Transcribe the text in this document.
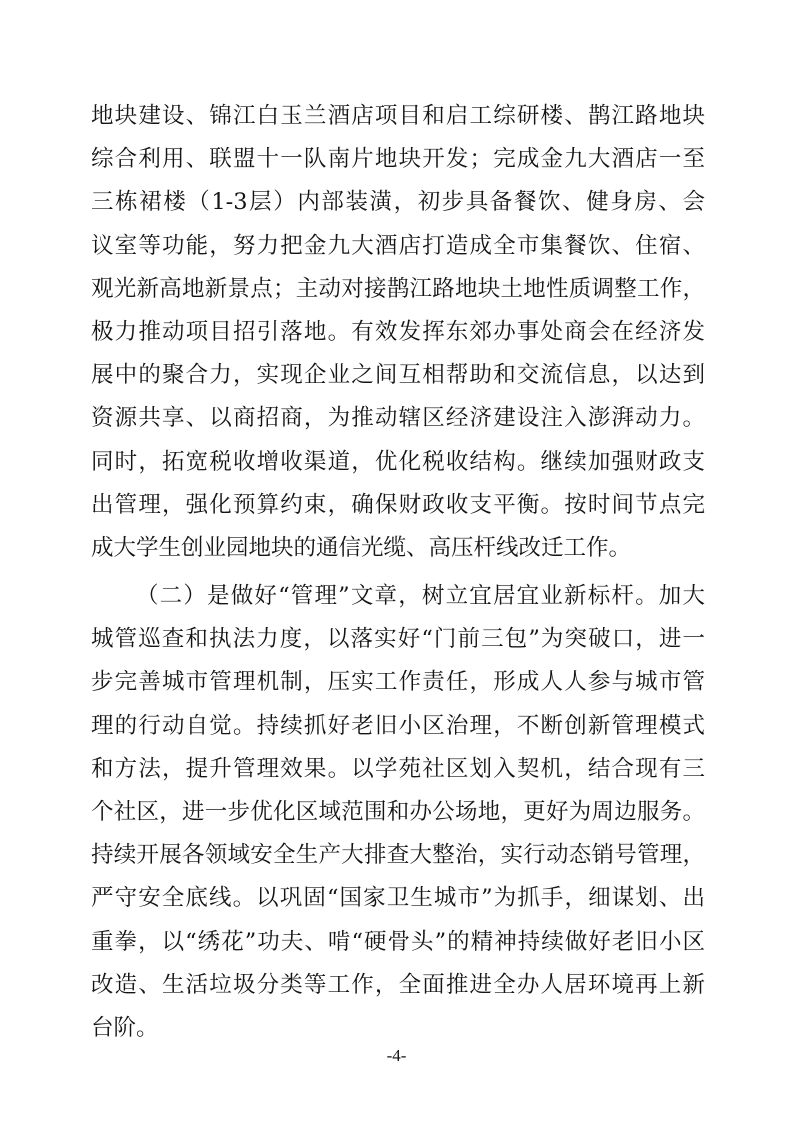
地块建设、锦江白玉兰酒店项目和启工综研楼、鹊江路地块
综合利用、联盟十一队南片地块开发；完成金九大酒店一至
三栋裙楼（1-3层）内部装潢，初步具备餐饮、健身房、会
议室等功能，努力把金九大酒店打造成全市集餐饮、住宿、
观光新高地新景点；主动对接鹊江路地块土地性质调整工作，
极力推动项目招引落地。有效发挥东郊办事处商会在经济发
展中的聚合力，实现企业之间互相帮助和交流信息，以达到
资源共享、以商招商，为推动辖区经济建设注入澎湃动力。
同时，拓宽税收增收渠道，优化税收结构。继续加强财政支
出管理，强化预算约束，确保财政收支平衡。按时间节点完
成大学生创业园地块的通信光缆、高压杆线改迁工作。
（二）是做好“管理”文章，树立宜居宜业新标杆。加大
城管巡查和执法力度，以落实好“门前三包”为突破口，进一
步完善城市管理机制，压实工作责任，形成人人参与城市管
理的行动自觉。持续抓好老旧小区治理，不断创新管理模式
和方法，提升管理效果。以学苑社区划入契机，结合现有三
个社区，进一步优化区域范围和办公场地，更好为周边服务。
持续开展各领域安全生产大排查大整治，实行动态销号管理，
严守安全底线。以巩固“国家卫生城市”为抓手，细谋划、出
重拳，以“绣花”功夫、啃“硬骨头”的精神持续做好老旧小区
改造、生活垃圾分类等工作，全面推进全办人居环境再上新
台阶。
-4-
